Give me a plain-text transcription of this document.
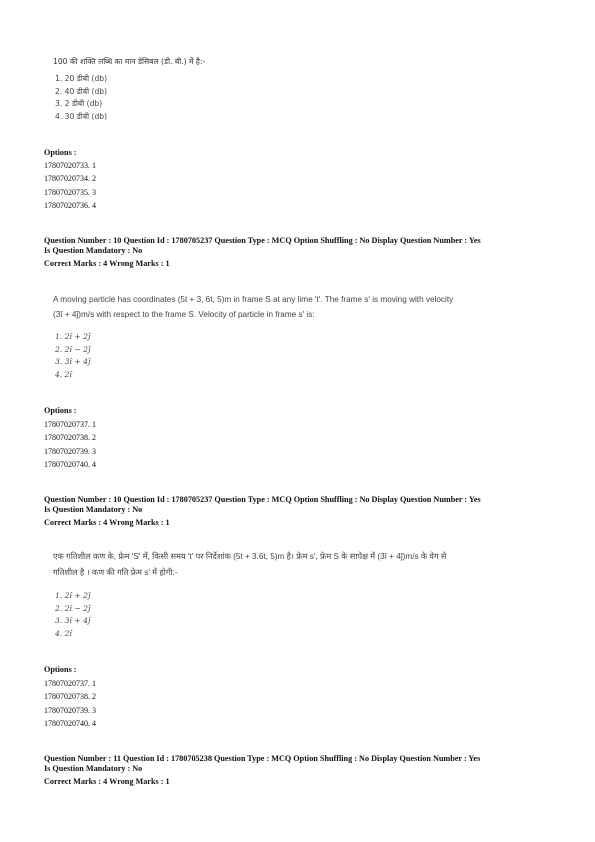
100 की शक्ति लब्धि का मान डेसिबल (डी. बी.) में है:-
1. 20 डीबी (db)
2. 40 डीबी (db)
3. 2 डीबी (db)
4. 30 डीबी (db)
Options :
17807020733. 1
17807020734. 2
17807020735. 3
17807020736. 4
Question Number : 10 Question Id : 1780705237 Question Type : MCQ Option Shuffling : No Display Question Number : Yes
Is Question Mandatory : No
Correct Marks : 4 Wrong Marks : 1
A moving particle has coordinates (5t + 3, 6t, 5)m in frame S at any lime 't'. The frame s' is moving with velocity
(3î + 4ĵ)m/s with respect to the frame S. Velocity of particle in frame s' is:
1. 2î + 2ĵ
2. 2î − 2ĵ
3. 3î + 4ĵ
4. 2î
Options :
17807020737. 1
17807020738. 2
17807020739. 3
17807020740. 4
Question Number : 10 Question Id : 1780705237 Question Type : MCQ Option Shuffling : No Display Question Number : Yes
Is Question Mandatory : No
Correct Marks : 4 Wrong Marks : 1
एक गतिशील कण के, फ्रेम 'S' में, किसी समय 't' पर निर्देशांक (5t + 3.6t, 5)m है। फ्रेम s', फ्रेम S के सापेक्ष में (3î + 4ĵ)m/s के वेग से
गतिशील है । कण की गति फ्रेम s' में होगी:-
1. 2î + 2ĵ
2. 2î − 2ĵ
3. 3î + 4ĵ
4. 2î
Options :
17807020737. 1
17807020738. 2
17807020739. 3
17807020740. 4
Question Number : 11 Question Id : 1780705238 Question Type : MCQ Option Shuffling : No Display Question Number : Yes
Is Question Mandatory : No
Correct Marks : 4 Wrong Marks : 1
